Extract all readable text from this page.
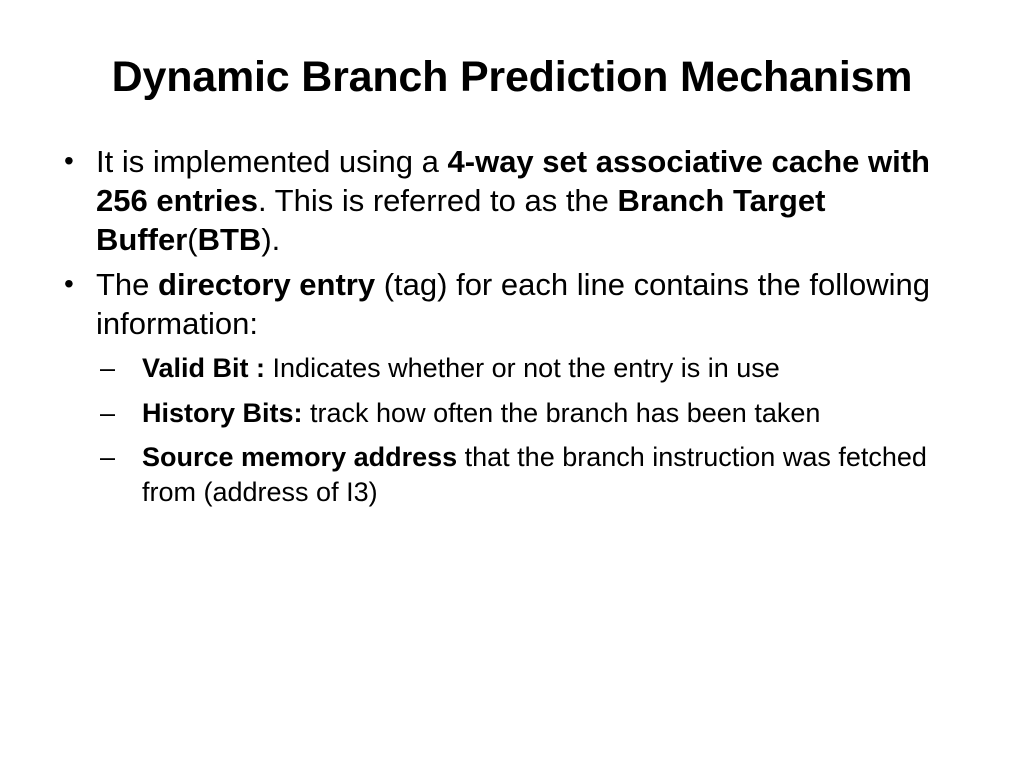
Dynamic Branch Prediction Mechanism
• It is implemented using a 4-way set associative cache with 256 entries. This is referred to as the Branch Target Buffer(BTB).
• The directory entry (tag) for each line contains the following information:
– Valid Bit : Indicates whether or not the entry is in use
– History Bits: track how often the branch has been taken
– Source memory address that the branch instruction was fetched from (address of I3)
